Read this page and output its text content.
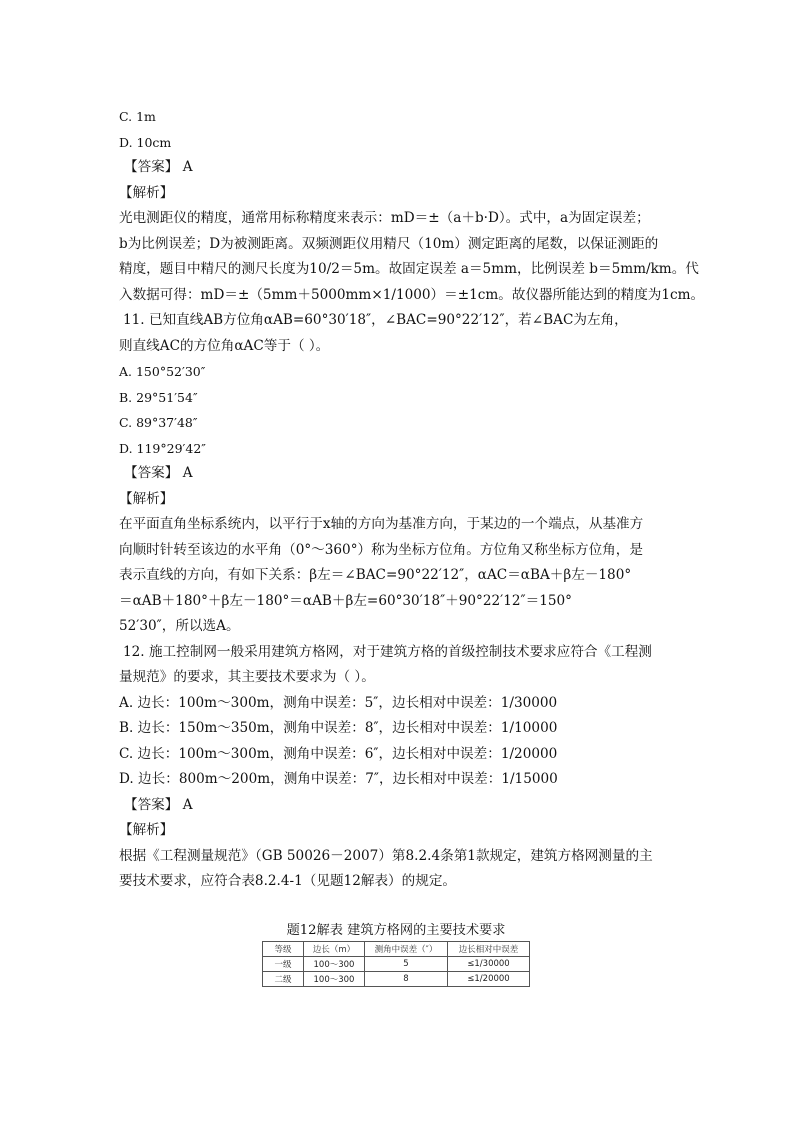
C. 1m
D. 10cm
【答案】 A
【解析】
光电测距仪的精度，通常用标称精度来表示：mD＝±（a＋b·D）。式中，a为固定误差；
b为比例误差；D为被测距离。双频测距仪用精尺（10m）测定距离的尾数，以保证测距的
精度，题目中精尺的测尺长度为10/2＝5m。故固定误差 a＝5mm，比例误差 b＝5mm/km。代
入数据可得：mD＝±（5mm＋5000mm×1/1000）＝±1cm。故仪器所能达到的精度为1cm。
11. 已知直线AB方位角αAB=60°30′18″，∠BAC=90°22′12″，若∠BAC为左角，
则直线AC的方位角αAC等于（ ）。
A. 150°52′30″
B. 29°51′54″
C. 89°37′48″
D. 119°29′42″
【答案】 A
【解析】
在平面直角坐标系统内，以平行于x轴的方向为基准方向，于某边的一个端点，从基准方
向顺时针转至该边的水平角（0°～360°）称为坐标方位角。方位角又称坐标方位角，是
表示直线的方向，有如下关系：β左＝∠BAC=90°22′12″，αAC＝αBA＋β左－180°
＝αAB＋180°＋β左－180°＝αAB＋β左=60°30′18″＋90°22′12″＝150°
52′30″，所以选A。
12. 施工控制网一般采用建筑方格网，对于建筑方格的首级控制技术要求应符合《工程测
量规范》的要求，其主要技术要求为（ ）。
A. 边长：100m～300m，测角中误差：5″，边长相对中误差：1/30000
B. 边长：150m～350m，测角中误差：8″，边长相对中误差：1/10000
C. 边长：100m～300m，测角中误差：6″，边长相对中误差：1/20000
D. 边长：800m～200m，测角中误差：7″，边长相对中误差：1/15000
【答案】 A
【解析】
根据《工程测量规范》（GB 50026－2007）第8.2.4条第1款规定，建筑方格网测量的主
要技术要求，应符合表8.2.4-1（见题12解表）的规定。
题12解表 建筑方格网的主要技术要求
等级	边长（m）	测角中误差（″）	边长相对中误差
一级	100～300	5	≤1/30000
二级	100～300	8	≤1/20000
